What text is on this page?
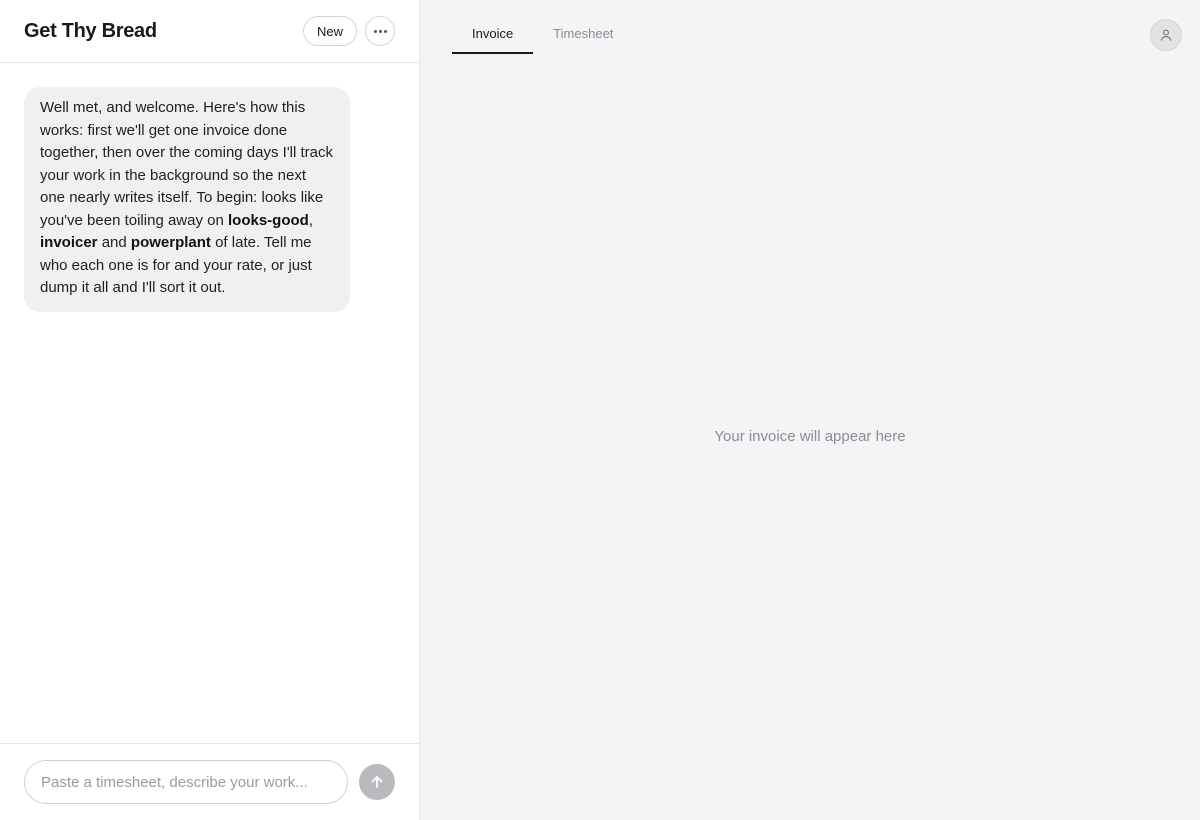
Get Thy Bread	New
Well met, and welcome. Here's how this works: first we'll get one invoice done together, then over the coming days I'll track your work in the background so the next one nearly writes itself. To begin: looks like you've been toiling away on looks-good, invoicer and powerplant of late. Tell me who each one is for and your rate, or just dump it all and I'll sort it out.
Paste a timesheet, describe your work...
Invoice	Timesheet
Your invoice will appear here
